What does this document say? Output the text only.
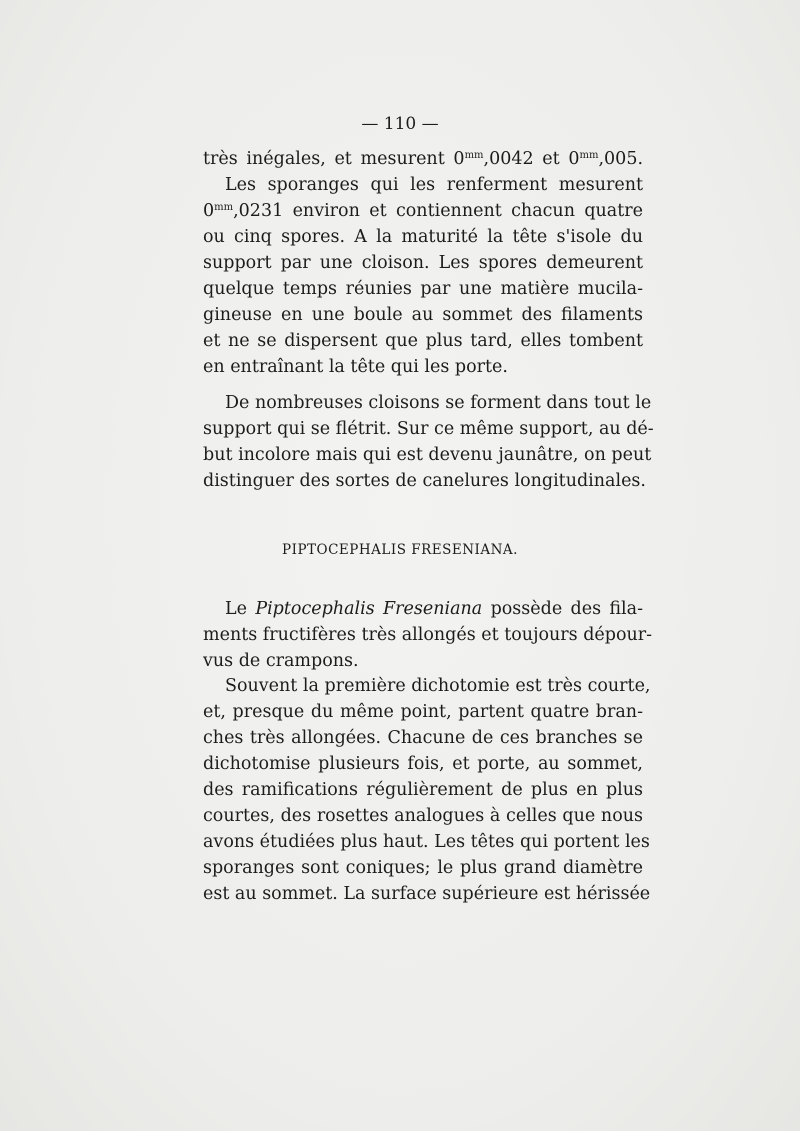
— 110 —
très inégales, et mesurent $0^{mm},0042$ et $0^{mm},005$.
Les sporanges qui les renferment mesurent
$0^{mm},0231$ environ et contiennent chacun quatre
ou cinq spores. A la maturité la tête s'isole du
support par une cloison. Les spores demeurent
quelque temps réunies par une matière mucila-
gineuse en une boule au sommet des filaments
et ne se dispersent que plus tard, elles tombent
en entraînant la tête qui les porte.
De nombreuses cloisons se forment dans tout le
support qui se flétrit. Sur ce même support, au dé-
but incolore mais qui est devenu jaunâtre, on peut
distinguer des sortes de canelures longitudinales.
PIPTOCEPHALIS FRESENIANA.
Le Piptocephalis Freseniana possède des fila-
ments fructifères très allongés et toujours dépour-
vus de crampons.
Souvent la première dichotomie est très courte,
et, presque du même point, partent quatre bran-
ches très allongées. Chacune de ces branches se
dichotomise plusieurs fois, et porte, au sommet,
des ramifications régulièrement de plus en plus
courtes, des rosettes analogues à celles que nous
avons étudiées plus haut. Les têtes qui portent les
sporanges sont coniques; le plus grand diamètre
est au sommet. La surface supérieure est hérissée
